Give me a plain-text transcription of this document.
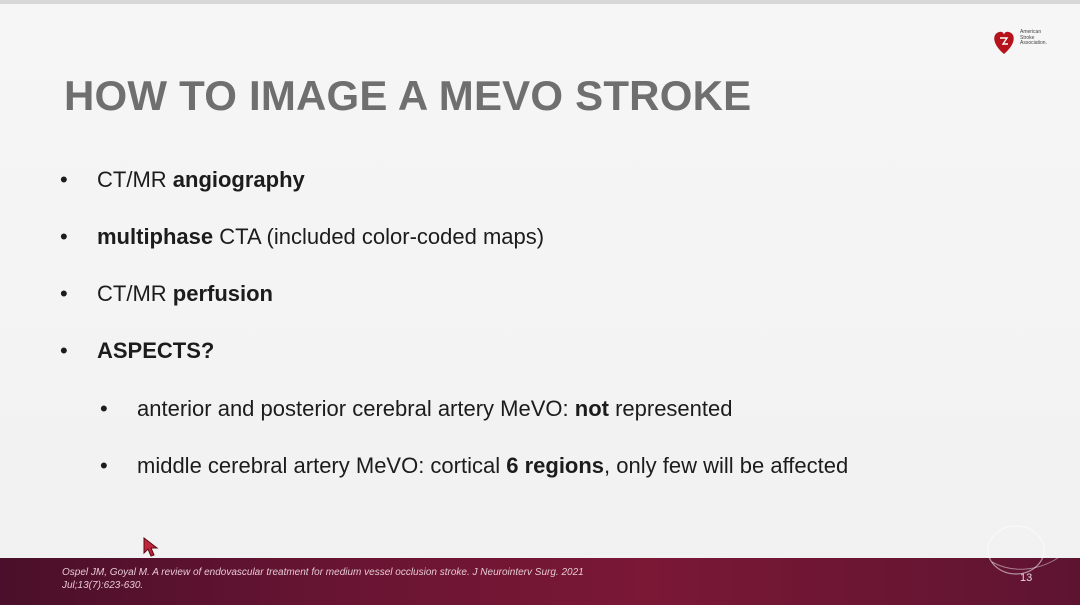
American
Stroke
Association.
HOW TO IMAGE A MEVO STROKE
• CT/MR angiography
• multiphase CTA (included color-coded maps)
• CT/MR perfusion
• ASPECTS?
• anterior and posterior cerebral artery MeVO: not represented
• middle cerebral artery MeVO: cortical 6 regions, only few will be affected
Ospel JM, Goyal M. A review of endovascular treatment for medium vessel occlusion stroke. J Neurointerv Surg. 2021
Jul;13(7):623-630.
13
